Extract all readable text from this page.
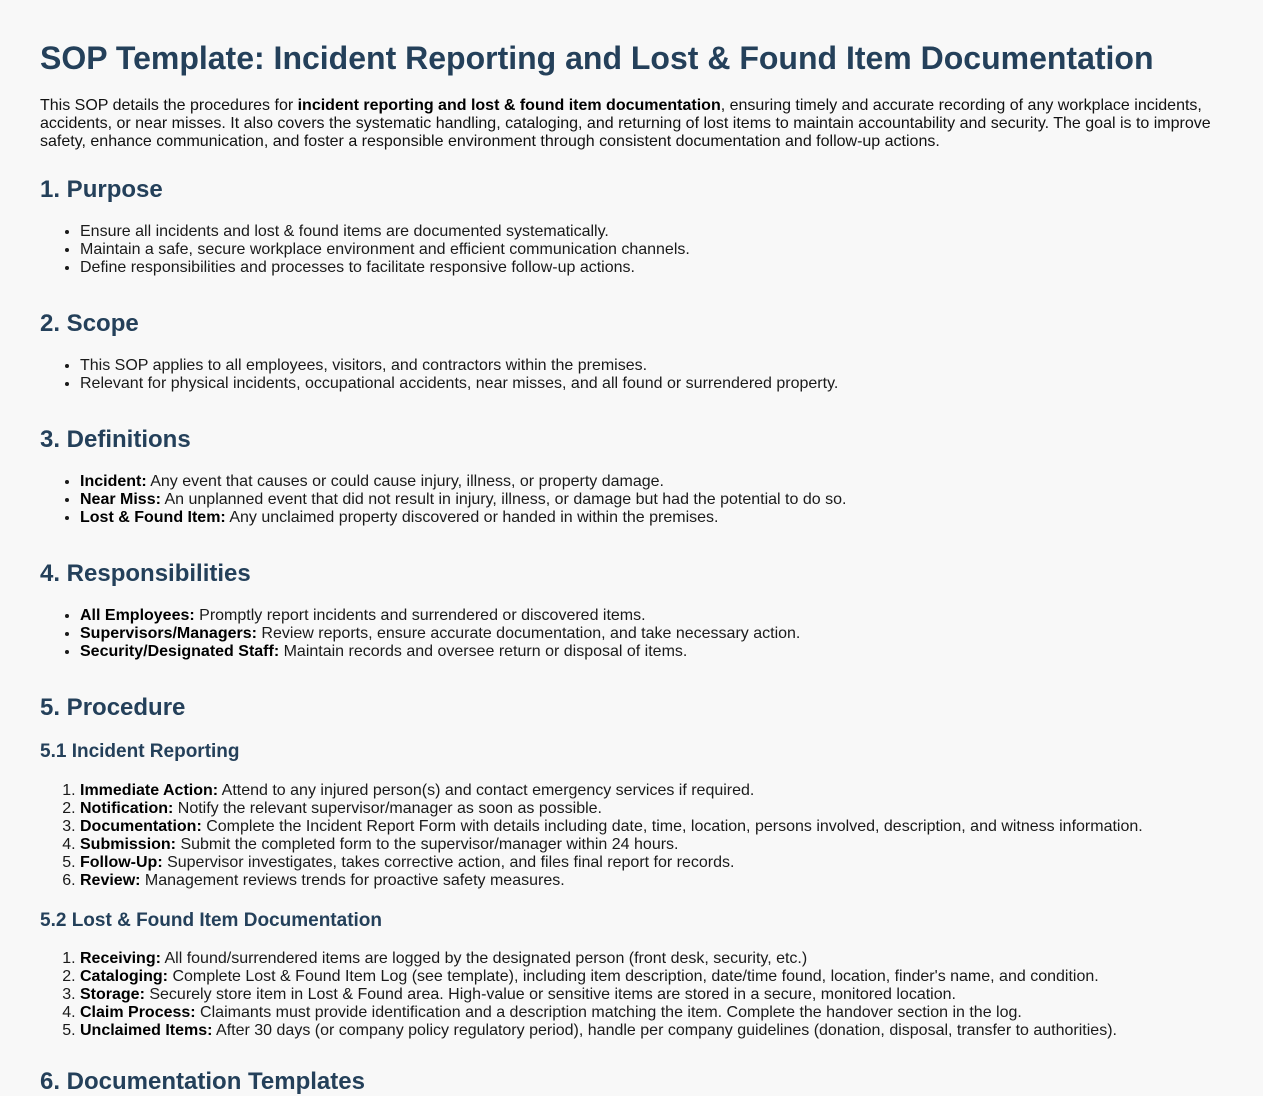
SOP Template: Incident Reporting and Lost & Found Item Documentation

This SOP details the procedures for incident reporting and lost & found item documentation, ensuring timely and accurate recording of any workplace incidents, accidents, or near misses. It also covers the systematic handling, cataloging, and returning of lost items to maintain accountability and security. The goal is to improve safety, enhance communication, and foster a responsible environment through consistent documentation and follow-up actions.

1. Purpose
• Ensure all incidents and lost & found items are documented systematically.
• Maintain a safe, secure workplace environment and efficient communication channels.
• Define responsibilities and processes to facilitate responsive follow-up actions.
2. Scope
• This SOP applies to all employees, visitors, and contractors within the premises.
• Relevant for physical incidents, occupational accidents, near misses, and all found or surrendered property.
3. Definitions
• Incident: Any event that causes or could cause injury, illness, or property damage.
• Near Miss: An unplanned event that did not result in injury, illness, or damage but had the potential to do so.
• Lost & Found Item: Any unclaimed property discovered or handed in within the premises.
4. Responsibilities
• All Employees: Promptly report incidents and surrendered or discovered items.
• Supervisors/Managers: Review reports, ensure accurate documentation, and take necessary action.
• Security/Designated Staff: Maintain records and oversee return or disposal of items.
5. Procedure
5.1 Incident Reporting
1. Immediate Action: Attend to any injured person(s) and contact emergency services if required.
2. Notification: Notify the relevant supervisor/manager as soon as possible.
3. Documentation: Complete the Incident Report Form with details including date, time, location, persons involved, description, and witness information.
4. Submission: Submit the completed form to the supervisor/manager within 24 hours.
5. Follow-Up: Supervisor investigates, takes corrective action, and files final report for records.
6. Review: Management reviews trends for proactive safety measures.
5.2 Lost & Found Item Documentation
1. Receiving: All found/surrendered items are logged by the designated person (front desk, security, etc.)
2. Cataloging: Complete Lost & Found Item Log (see template), including item description, date/time found, location, finder's name, and condition.
3. Storage: Securely store item in Lost & Found area. High-value or sensitive items are stored in a secure, monitored location.
4. Claim Process: Claimants must provide identification and a description matching the item. Complete the handover section in the log.
5. Unclaimed Items: After 30 days (or company policy regulatory period), handle per company guidelines (donation, disposal, transfer to authorities).
6. Documentation Templates
